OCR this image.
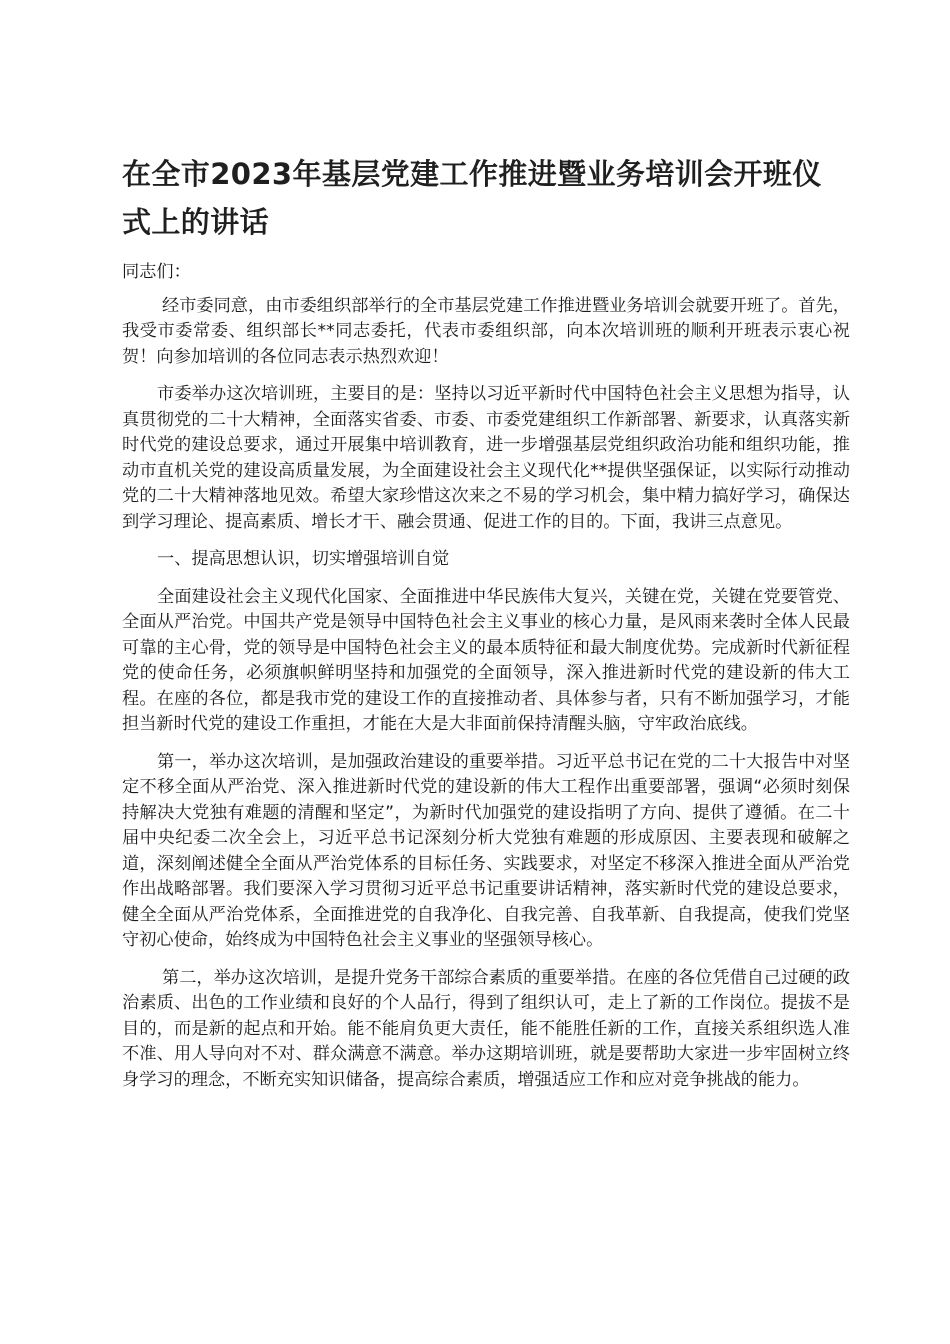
在全市2023年基层党建工作推进暨业务培训会开班仪式上的讲话

同志们：

经市委同意，由市委组织部举行的全市基层党建工作推进暨业务培训会就要开班了。首先，我受市委常委、组织部长**同志委托，代表市委组织部，向本次培训班的顺利开班表示衷心祝贺！向参加培训的各位同志表示热烈欢迎！

市委举办这次培训班，主要目的是：坚持以习近平新时代中国特色社会主义思想为指导，认真贯彻党的二十大精神，全面落实省委、市委、市委党建组织工作新部署、新要求，认真落实新时代党的建设总要求，通过开展集中培训教育，进一步增强基层党组织政治功能和组织功能，推动市直机关党的建设高质量发展，为全面建设社会主义现代化**提供坚强保证，以实际行动推动党的二十大精神落地见效。希望大家珍惜这次来之不易的学习机会，集中精力搞好学习，确保达到学习理论、提高素质、增长才干、融会贯通、促进工作的目的。下面，我讲三点意见。

一、提高思想认识，切实增强培训自觉

全面建设社会主义现代化国家、全面推进中华民族伟大复兴，关键在党，关键在党要管党、全面从严治党。中国共产党是领导中国特色社会主义事业的核心力量，是风雨来袭时全体人民最可靠的主心骨，党的领导是中国特色社会主义的最本质特征和最大制度优势。完成新时代新征程党的使命任务，必须旗帜鲜明坚持和加强党的全面领导，深入推进新时代党的建设新的伟大工程。在座的各位，都是我市党的建设工作的直接推动者、具体参与者，只有不断加强学习，才能担当新时代党的建设工作重担，才能在大是大非面前保持清醒头脑，守牢政治底线。

第一，举办这次培训，是加强政治建设的重要举措。习近平总书记在党的二十大报告中对坚定不移全面从严治党、深入推进新时代党的建设新的伟大工程作出重要部署，强调“必须时刻保持解决大党独有难题的清醒和坚定”，为新时代加强党的建设指明了方向、提供了遵循。在二十届中央纪委二次全会上，习近平总书记深刻分析大党独有难题的形成原因、主要表现和破解之道，深刻阐述健全全面从严治党体系的目标任务、实践要求，对坚定不移深入推进全面从严治党作出战略部署。我们要深入学习贯彻习近平总书记重要讲话精神，落实新时代党的建设总要求，健全全面从严治党体系，全面推进党的自我净化、自我完善、自我革新、自我提高，使我们党坚守初心使命，始终成为中国特色社会主义事业的坚强领导核心。

第二，举办这次培训，是提升党务干部综合素质的重要举措。在座的各位凭借自己过硬的政治素质、出色的工作业绩和良好的个人品行，得到了组织认可，走上了新的工作岗位。提拔不是目的，而是新的起点和开始。能不能肩负更大责任，能不能胜任新的工作，直接关系组织选人准不准、用人导向对不对、群众满意不满意。举办这期培训班，就是要帮助大家进一步牢固树立终身学习的理念，不断充实知识储备，提高综合素质，增强适应工作和应对竞争挑战的能力。
